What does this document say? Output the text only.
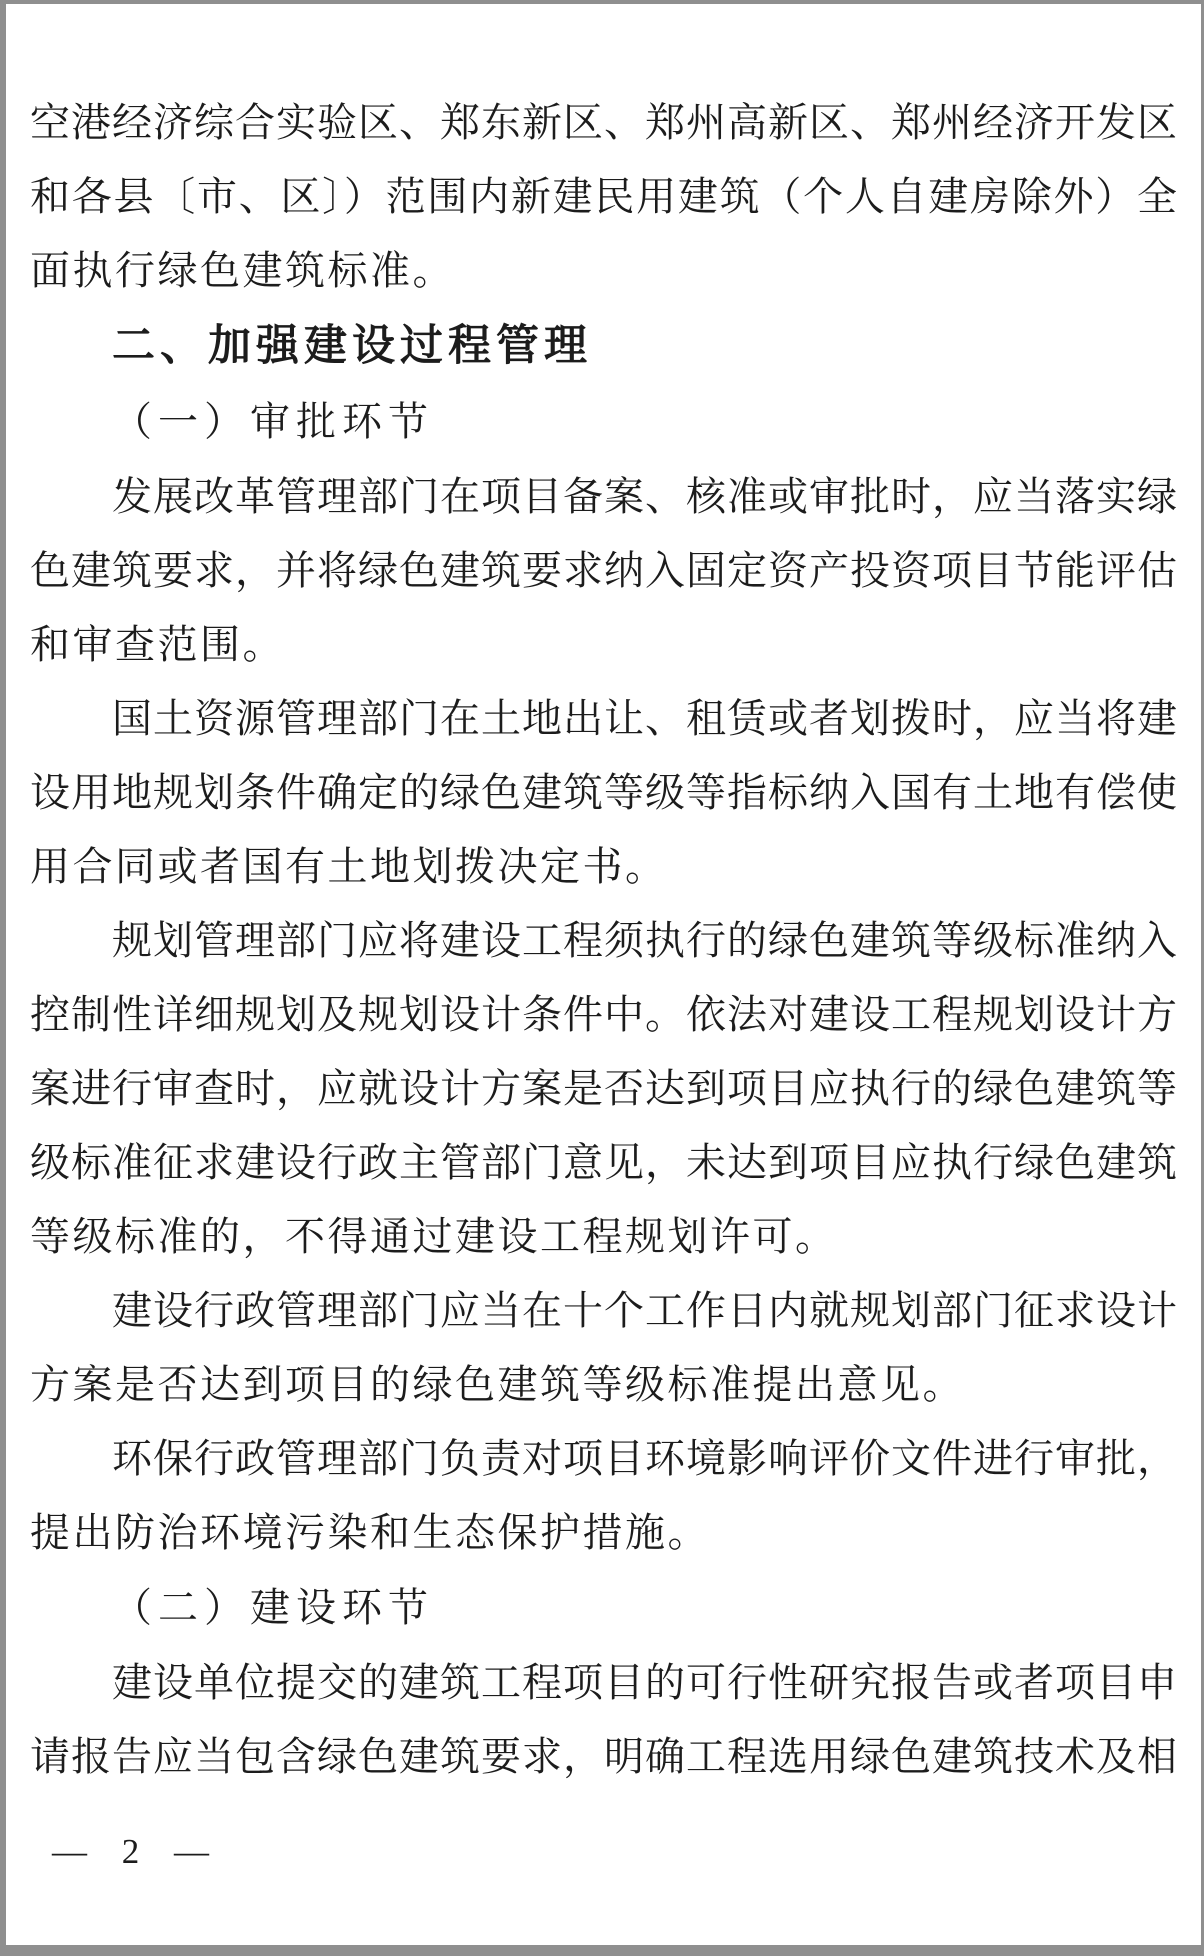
空港经济综合实验区、郑东新区、郑州高新区、郑州经济开发区
和各县〔市、区〕）范围内新建民用建筑（个人自建房除外）全
面执行绿色建筑标准。
二、加强建设过程管理
（一）审批环节
发展改革管理部门在项目备案、核准或审批时，应当落实绿
色建筑要求，并将绿色建筑要求纳入固定资产投资项目节能评估
和审查范围。
国土资源管理部门在土地出让、租赁或者划拨时，应当将建
设用地规划条件确定的绿色建筑等级等指标纳入国有土地有偿使
用合同或者国有土地划拨决定书。
规划管理部门应将建设工程须执行的绿色建筑等级标准纳入
控制性详细规划及规划设计条件中。依法对建设工程规划设计方
案进行审查时，应就设计方案是否达到项目应执行的绿色建筑等
级标准征求建设行政主管部门意见，未达到项目应执行绿色建筑
等级标准的，不得通过建设工程规划许可。
建设行政管理部门应当在十个工作日内就规划部门征求设计
方案是否达到项目的绿色建筑等级标准提出意见。
环保行政管理部门负责对项目环境影响评价文件进行审批，
提出防治环境污染和生态保护措施。
（二）建设环节
建设单位提交的建筑工程项目的可行性研究报告或者项目申
请报告应当包含绿色建筑要求，明确工程选用绿色建筑技术及相
— 2 —
